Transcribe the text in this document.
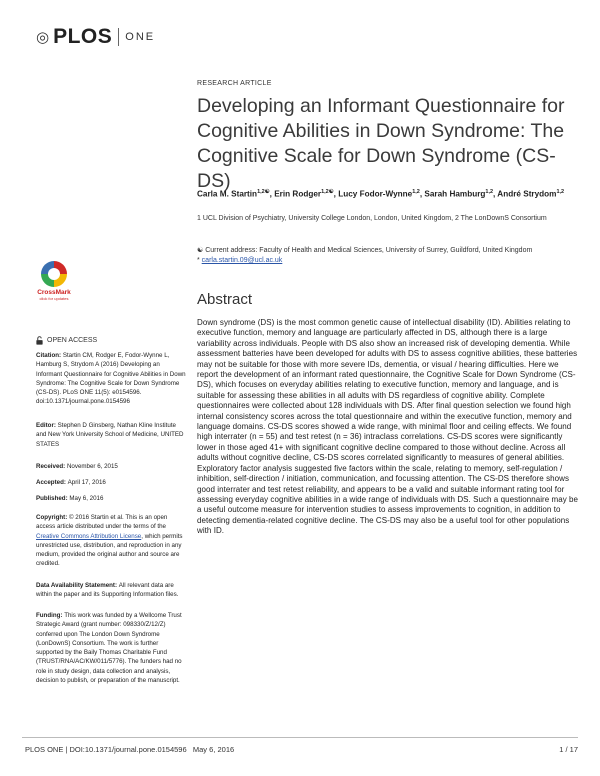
◎ PLOS ONE
RESEARCH ARTICLE
Developing an Informant Questionnaire for Cognitive Abilities in Down Syndrome: The Cognitive Scale for Down Syndrome (CS-DS)
Carla M. Startin$^{1,2☯}$, Erin Rodger$^{1,2☯}$, Lucy Fodor-Wynne$^{1,2}$, Sarah Hamburg$^{1,2}$, André Strydom$^{1,2}$
1 UCL Division of Psychiatry, University College London, London, United Kingdom, 2 The LonDownS Consortium
☯ Current address: Faculty of Health and Medical Sciences, University of Surrey, Guildford, United Kingdom
* carla.startin.09@ucl.ac.uk
CrossMark
click for updates
OPEN ACCESS
Citation: Startin CM, Rodger E, Fodor-Wynne L, Hamburg S, Strydom A (2016) Developing an Informant Questionnaire for Cognitive Abilities in Down Syndrome: The Cognitive Scale for Down Syndrome (CS-DS). PLoS ONE 11(5): e0154596. doi:10.1371/journal.pone.0154596
Editor: Stephen D Ginsberg, Nathan Kline Institute and New York University School of Medicine, UNITED STATES
Received: November 6, 2015
Accepted: April 17, 2016
Published: May 6, 2016
Copyright: © 2016 Startin et al. This is an open access article distributed under the terms of the Creative Commons Attribution License, which permits unrestricted use, distribution, and reproduction in any medium, provided the original author and source are credited.
Data Availability Statement: All relevant data are within the paper and its Supporting Information files.
Funding: This work was funded by a Wellcome Trust Strategic Award (grant number: 098330/Z/12/Z) conferred upon The London Down Syndrome (LonDownS) Consortium. The work is further supported by the Baily Thomas Charitable Fund (TRUST/RNA/AC/KW/011/5776). The funders had no role in study design, data collection and analysis, decision to publish, or preparation of the manuscript.
Abstract

Down syndrome (DS) is the most common genetic cause of intellectual disability (ID). Abilities relating to executive function, memory and language are particularly affected in DS, although there is a large variability across individuals. People with DS also show an increased risk of developing dementia. While assessment batteries have been developed for adults with DS to assess cognitive abilities, these batteries may not be suitable for those with more severe IDs, dementia, or visual / hearing difficulties. Here we report the development of an informant rated questionnaire, the Cognitive Scale for Down Syndrome (CS-DS), which focuses on everyday abilities relating to executive function, memory and language, and is suitable for assessing these abilities in all adults with DS regardless of cognitive ability. Complete questionnaires were collected about 128 individuals with DS. After final question selection we found high internal consistency scores across the total questionnaire and within the executive function, memory and language domains. CS-DS scores showed a wide range, with minimal floor and ceiling effects. We found high interrater (n = 55) and test retest (n = 36) intraclass correlations. CS-DS scores were significantly lower in those aged 41+ with significant cognitive decline compared to those without decline. Across all adults without cognitive decline, CS-DS scores correlated significantly to measures of general abilities. Exploratory factor analysis suggested five factors within the scale, relating to memory, self-regulation / inhibition, self-direction / initiation, communication, and focussing attention. The CS-DS therefore shows good interrater and test retest reliability, and appears to be a valid and suitable informant rating tool for assessing everyday cognitive abilities in a wide range of individuals with DS. Such a questionnaire may be a useful outcome measure for intervention studies to assess improvements to cognition, in addition to detecting dementia-related cognitive decline. The CS-DS may also be a useful tool for other populations with ID.

PLOS ONE | DOI:10.1371/journal.pone.0154596   May 6, 2016	1 / 17
